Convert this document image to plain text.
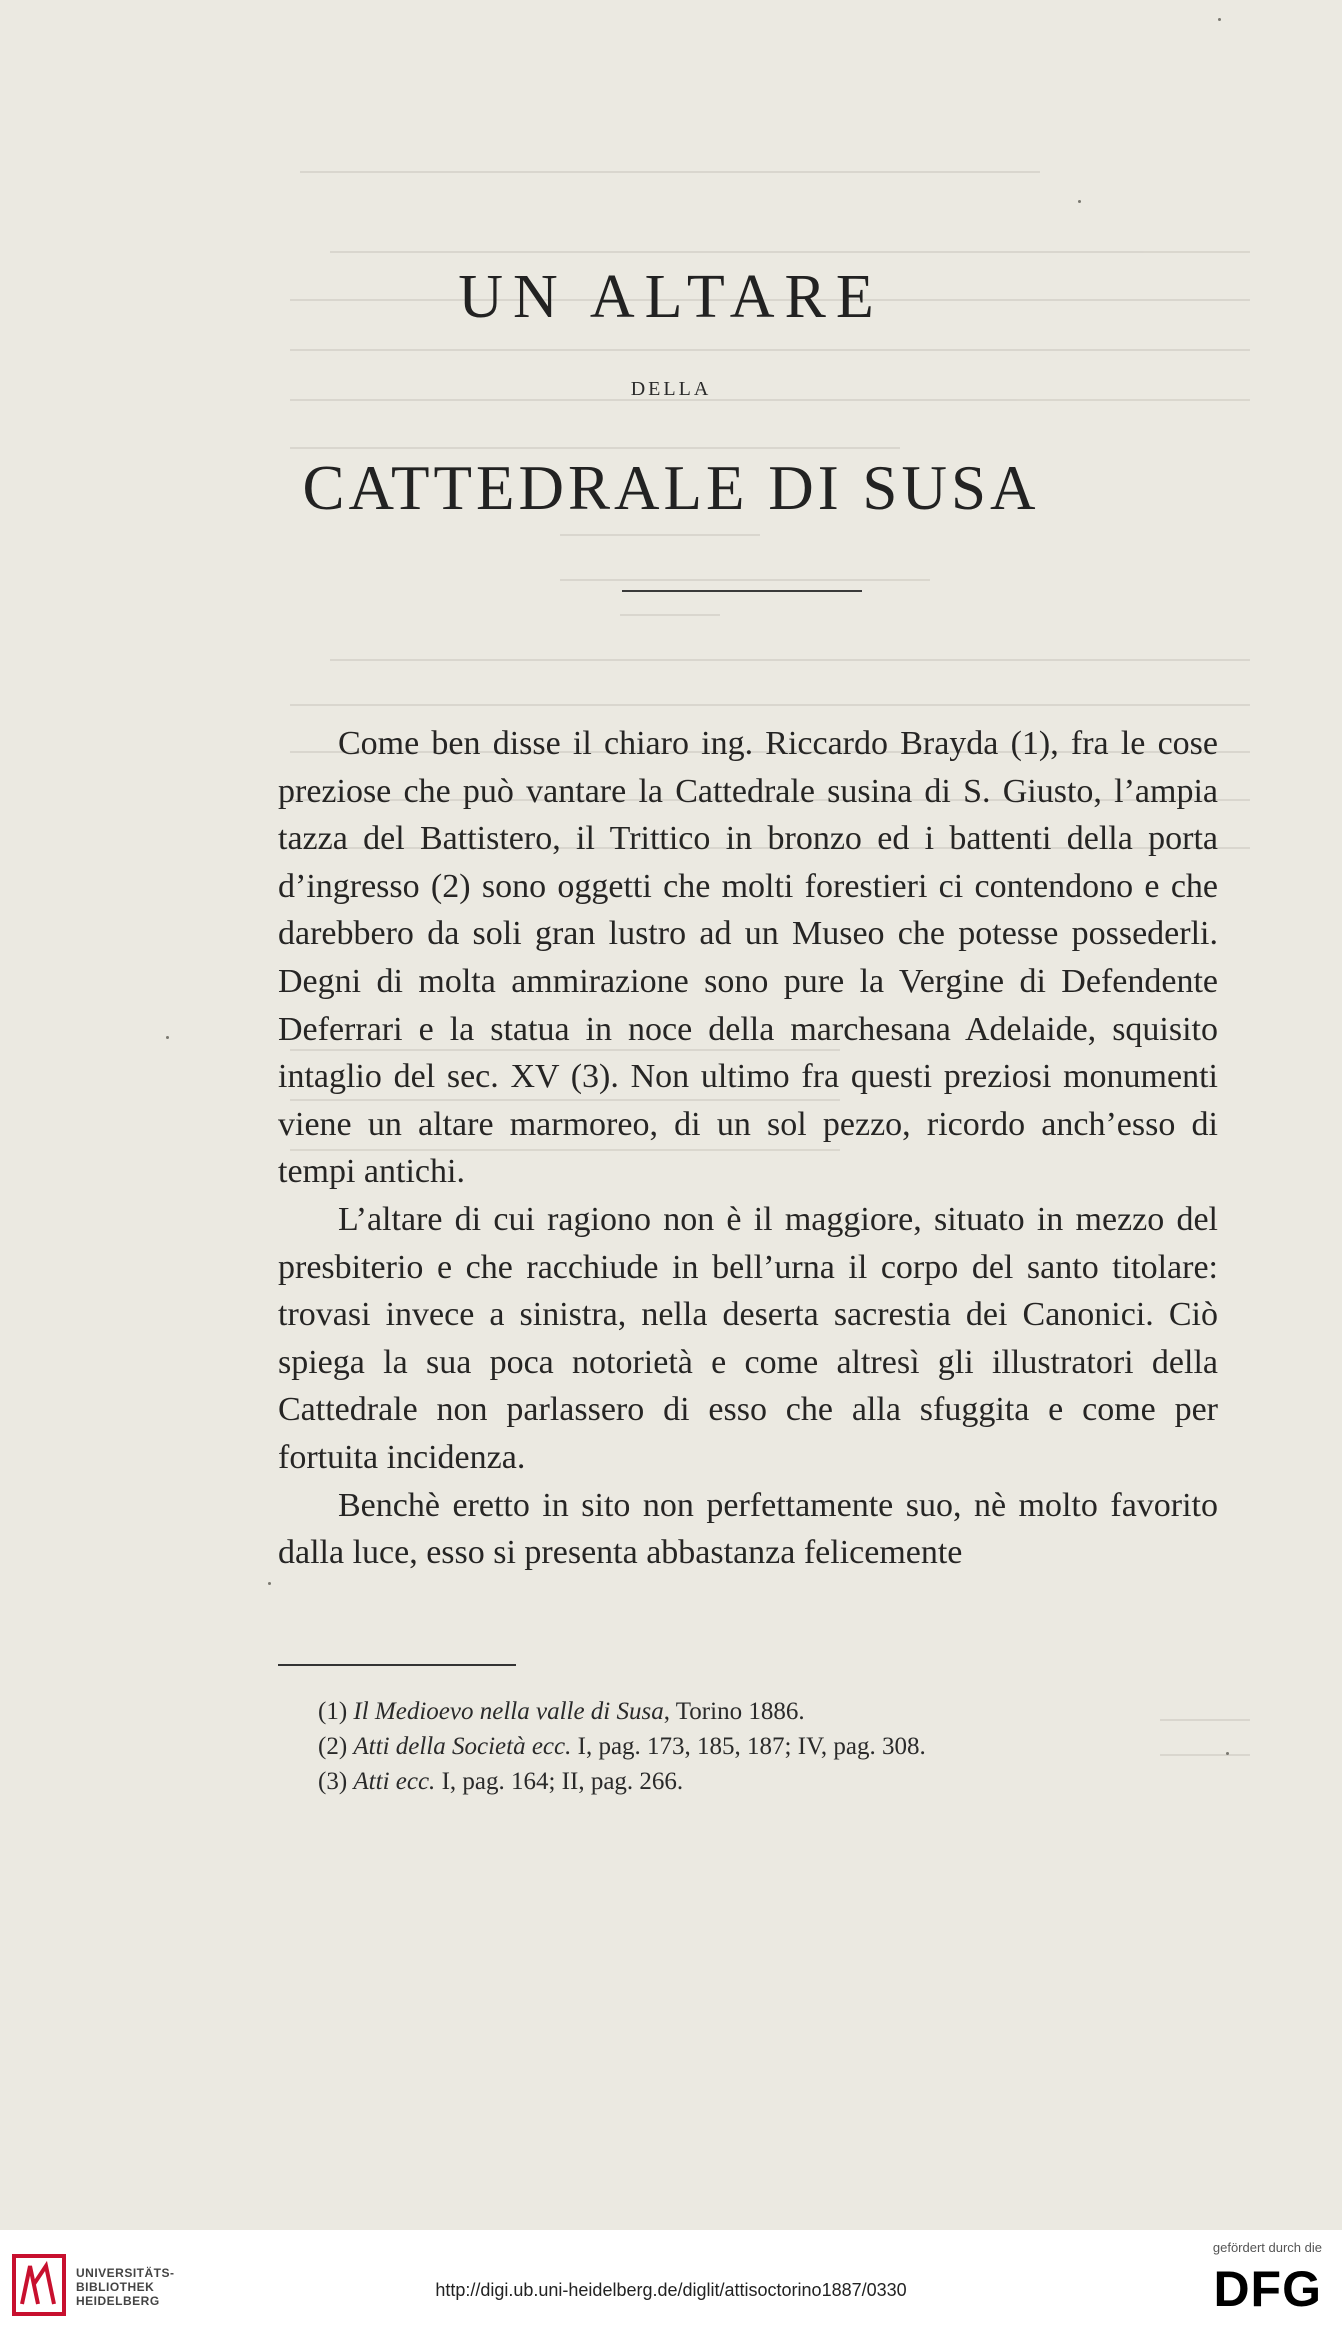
UN ALTARE
DELLA
CATTEDRALE DI SUSA

Come ben disse il chiaro ing. Riccardo Brayda (1), fra le cose preziose che può vantare la Cattedrale susina di S. Giusto, l’ampia tazza del Battistero, il Trittico in bronzo ed i battenti della porta d’ingresso (2) sono oggetti che molti forestieri ci contendono e che darebbero da soli gran lustro ad un Museo che potesse possederli. Degni di molta ammirazione sono pure la Vergine di Defendente Deferrari e la statua in noce della marchesana Adelaide, squisito intaglio del sec. XV (3). Non ultimo fra questi preziosi monumenti viene un altare marmoreo, di un sol pezzo, ricordo anch’esso di tempi antichi.

L’altare di cui ragiono non è il maggiore, situato in mezzo del presbiterio e che racchiude in bell’urna il corpo del santo titolare: trovasi invece a sinistra, nella deserta sacrestia dei Canonici. Ciò spiega la sua poca notorietà e come altresì gli illustratori della Cattedrale non parlassero di esso che alla sfuggita e come per fortuita incidenza.

Benchè eretto in sito non perfettamente suo, nè molto favorito dalla luce, esso si presenta abbastanza felicemente

(1) Il Medioevo nella valle di Susa, Torino 1886.
(2) Atti della Società ecc. I, pag. 173, 185, 187; IV, pag. 308.
(3) Atti ecc. I, pag. 164; II, pag. 266.
UNIVERSITÄTS-
BIBLIOTHEK
HEIDELBERG
http://digi.ub.uni-heidelberg.de/diglit/attisoctorino1887/0330
gefördert durch die
DFG
